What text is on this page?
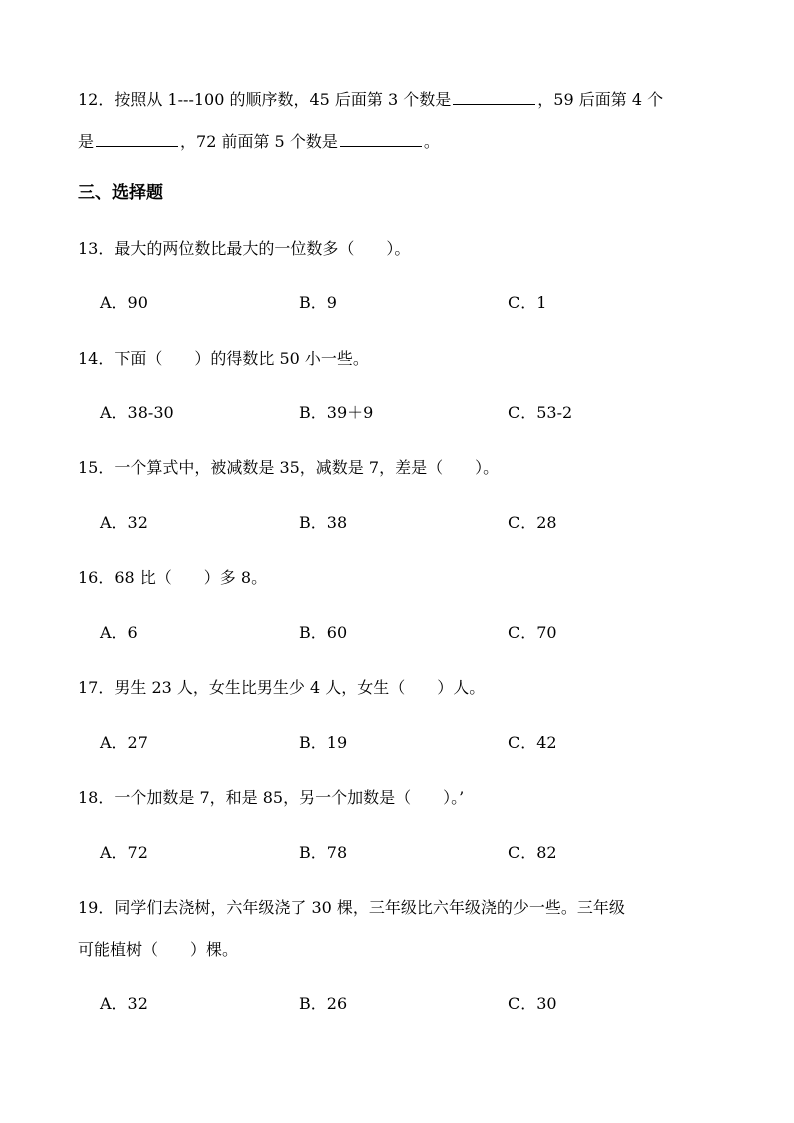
12．按照从 1---100 的顺序数，45 后面第 3 个数是	，59 后面第 4 个
是	，72 前面第 5 个数是	。
三、选择题
13．最大的两位数比最大的一位数多（　　）。
A．90	B．9	C．1
14．下面（　　）的得数比 50 小一些。
A．38-30	B．39＋9	C．53-2
15．一个算式中，被减数是 35，减数是 7，差是（　　）。
A．32	B．38	C．28
16．68 比（　　）多 8。
A．6	B．60	C．70
17．男生 23 人，女生比男生少 4 人，女生（　　）人。
A．27	B．19	C．42
18．一个加数是 7，和是 85，另一个加数是（　　）。’
A．72	B．78	C．82
19．同学们去浇树，六年级浇了 30 棵，三年级比六年级浇的少一些。三年级
可能植树（　　）棵。
A．32	B．26	C．30
